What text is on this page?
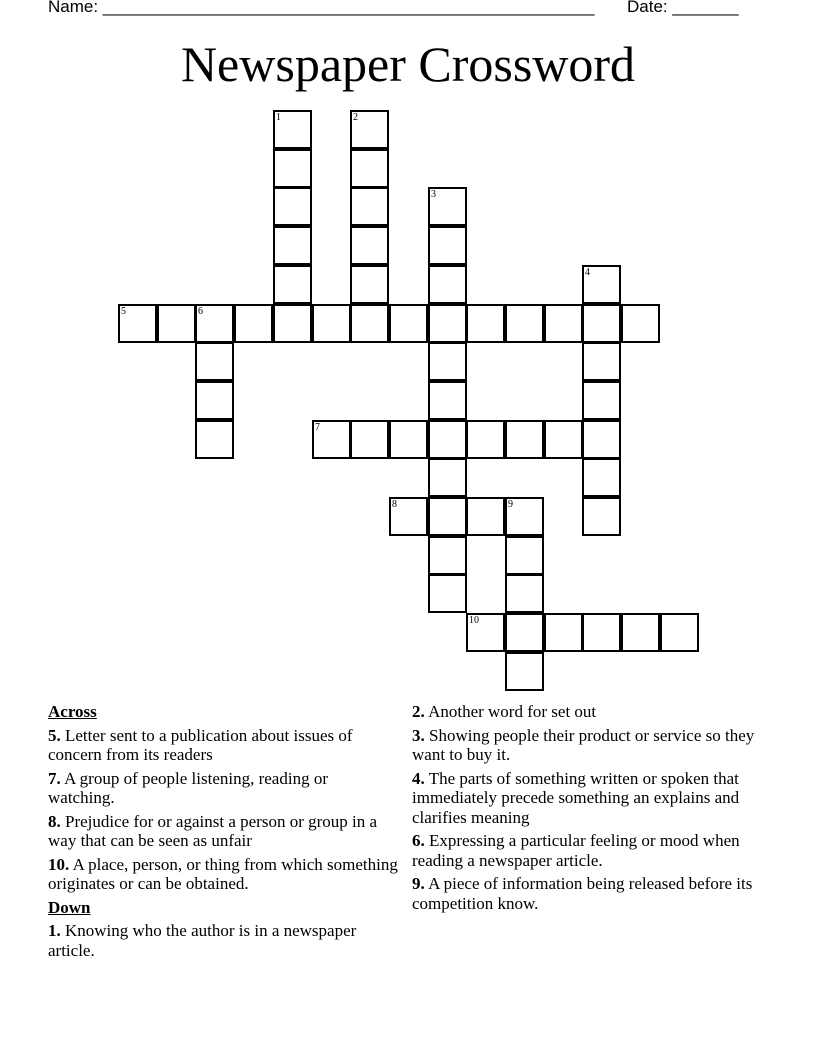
Name: ____________________________________________________ Date: _______
Newspaper Crossword
1	2
3
4
5	6
7
8	9
10
Across
5. Letter sent to a publication about issues of concern from its readers
7. A group of people listening, reading or watching.
8. Prejudice for or against a person or group in a way that can be seen as unfair
10. A place, person, or thing from which something originates or can be obtained.
Down
1. Knowing who the author is in a newspaper article.
2. Another word for set out
3. Showing people their product or service so they want to buy it.
4. The parts of something written or spoken that immediately precede something an explains and clarifies meaning
6. Expressing a particular feeling or mood when reading a newspaper article.
9. A piece of information being released before its competition know.
